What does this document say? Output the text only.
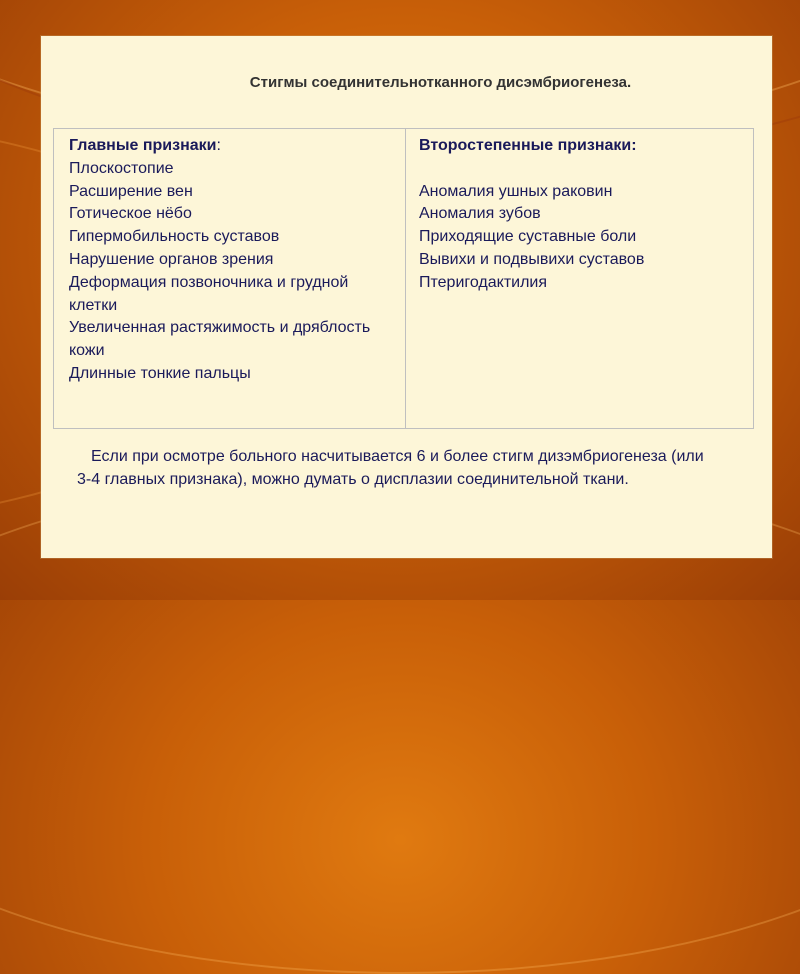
Стигмы соединительнотканного дисэмбриогенеза.
Главные признаки:
Плоскостопие
Расширение вен
Готическое нёбо
Гипермобильность суставов
Нарушение органов зрения
Деформация позвоночника и грудной клетки
Увеличенная растяжимость и дряблость кожи
Длинные тонкие пальцы
Второстепенные признаки:
Аномалия ушных раковин
Аномалия зубов
Приходящие суставные боли
Вывихи и подвывихи суставов
Птеригодактилия
Если при осмотре больного насчитывается 6 и более стигм дизэмбриогенеза (или 3-4 главных признака), можно думать о дисплазии соединительной ткани.
